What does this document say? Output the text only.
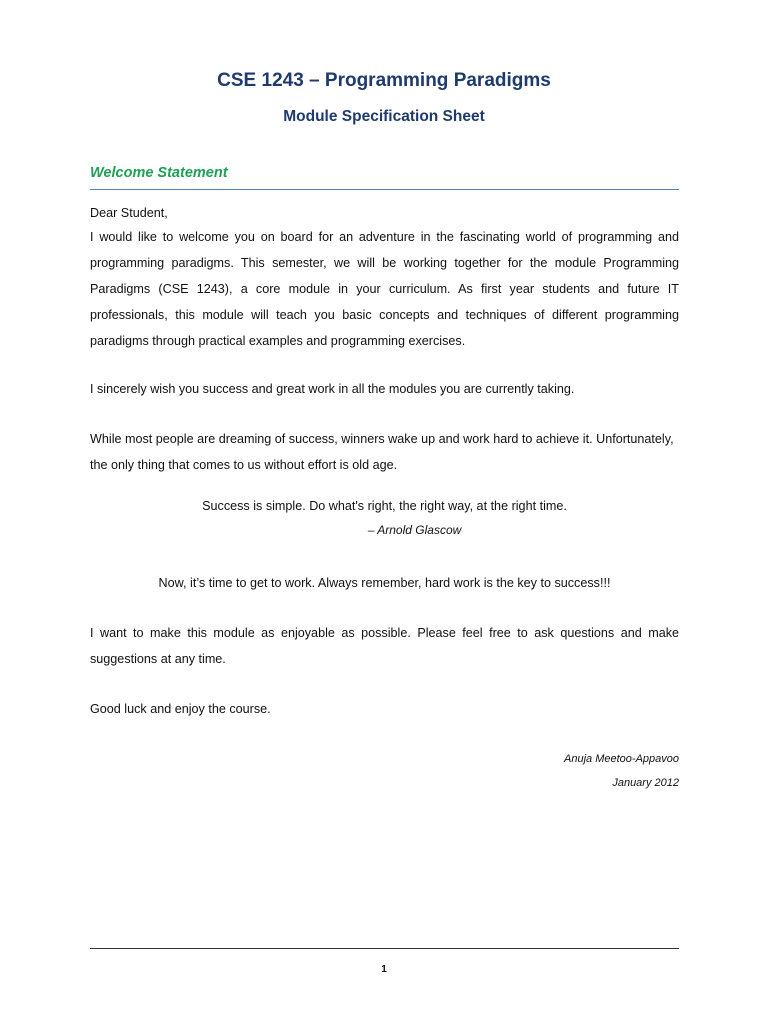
CSE 1243 – Programming Paradigms
Module Specification Sheet
Welcome Statement

Dear Student,

I would like to welcome you on board for an adventure in the fascinating world of programming and programming paradigms. This semester, we will be working together for the module Programming Paradigms (CSE 1243), a core module in your curriculum. As first year students and future IT professionals, this module will teach you basic concepts and techniques of different programming paradigms through practical examples and programming exercises.

I sincerely wish you success and great work in all the modules you are currently taking.

While most people are dreaming of success, winners wake up and work hard to achieve it. Unfortunately, the only thing that comes to us without effort is old age.

Success is simple. Do what's right, the right way, at the right time.

– Arnold Glascow

Now, it’s time to get to work. Always remember, hard work is the key to success!!!

I want to make this module as enjoyable as possible. Please feel free to ask questions and make suggestions at any time.

Good luck and enjoy the course.

Anuja Meetoo-Appavoo

January 2012

1
